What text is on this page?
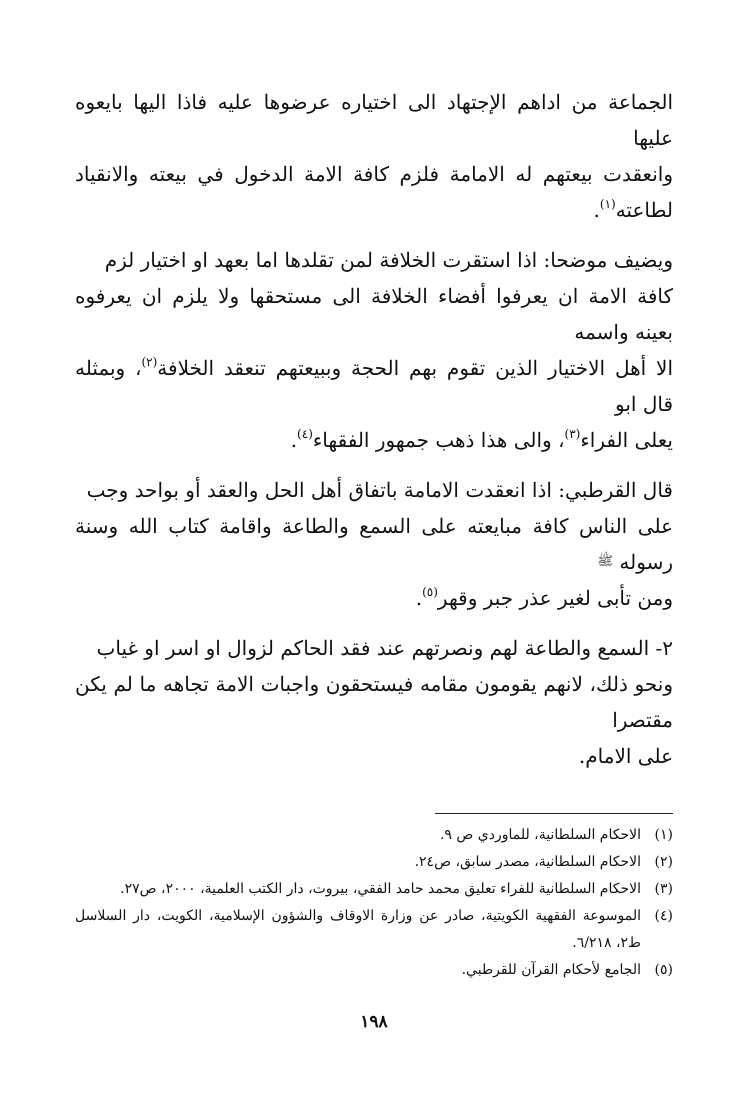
الجماعة من اداهم الإجتهاد الى اختياره عرضوها عليه فاذا اليها بايعوه عليها
وانعقدت بيعتهم له الامامة فلزم كافة الامة الدخول في بيعته والانقياد لطاعته$^{(١)}$.
ويضيف موضحا: اذا استقرت الخلافة لمن تقلدها اما بعهد او اختيار لزم
كافة الامة ان يعرفوا أفضاء الخلافة الى مستحقها ولا يلزم ان يعرفوه بعينه واسمه
الا أهل الاختيار الذين تقوم بهم الحجة وببيعتهم تنعقد الخلافة$^{(٢)}$، وبمثله قال ابو
يعلى الفراء$^{(٣)}$، والى هذا ذهب جمهور الفقهاء$^{(٤)}$.
قال القرطبي: اذا انعقدت الامامة باتفاق أهل الحل والعقد أو بواحد وجب
على الناس كافة مبايعته على السمع والطاعة واقامة كتاب الله وسنة رسوله ﷺ
ومن تأبى لغير عذر جبر وقهر$^{(٥)}$.
٢- السمع والطاعة لهم ونصرتهم عند فقد الحاكم لزوال او اسر او غياب
ونحو ذلك، لانهم يقومون مقامه فيستحقون واجبات الامة تجاهه ما لم يكن مقتصرا
على الامام.
(١)
الاحكام السلطانية، للماوردي ص ٩.
(٢)
الاحكام السلطانية، مصدر سابق، ص٢٤.
(٣)
الاحكام السلطانية للفراء تعليق محمد حامد الفقي، بيروت، دار الكتب العلمية، ٢٠٠٠، ص٢٧.
(٤)
الموسوعة الفقهية الكويتية، صادر عن وزارة الاوقاف والشؤون الإسلامية، الكويت، دار السلاسل ط٢، ٦/٢١٨.
(٥)
الجامع لأحكام القرآن للقرطبي.
١٩٨
